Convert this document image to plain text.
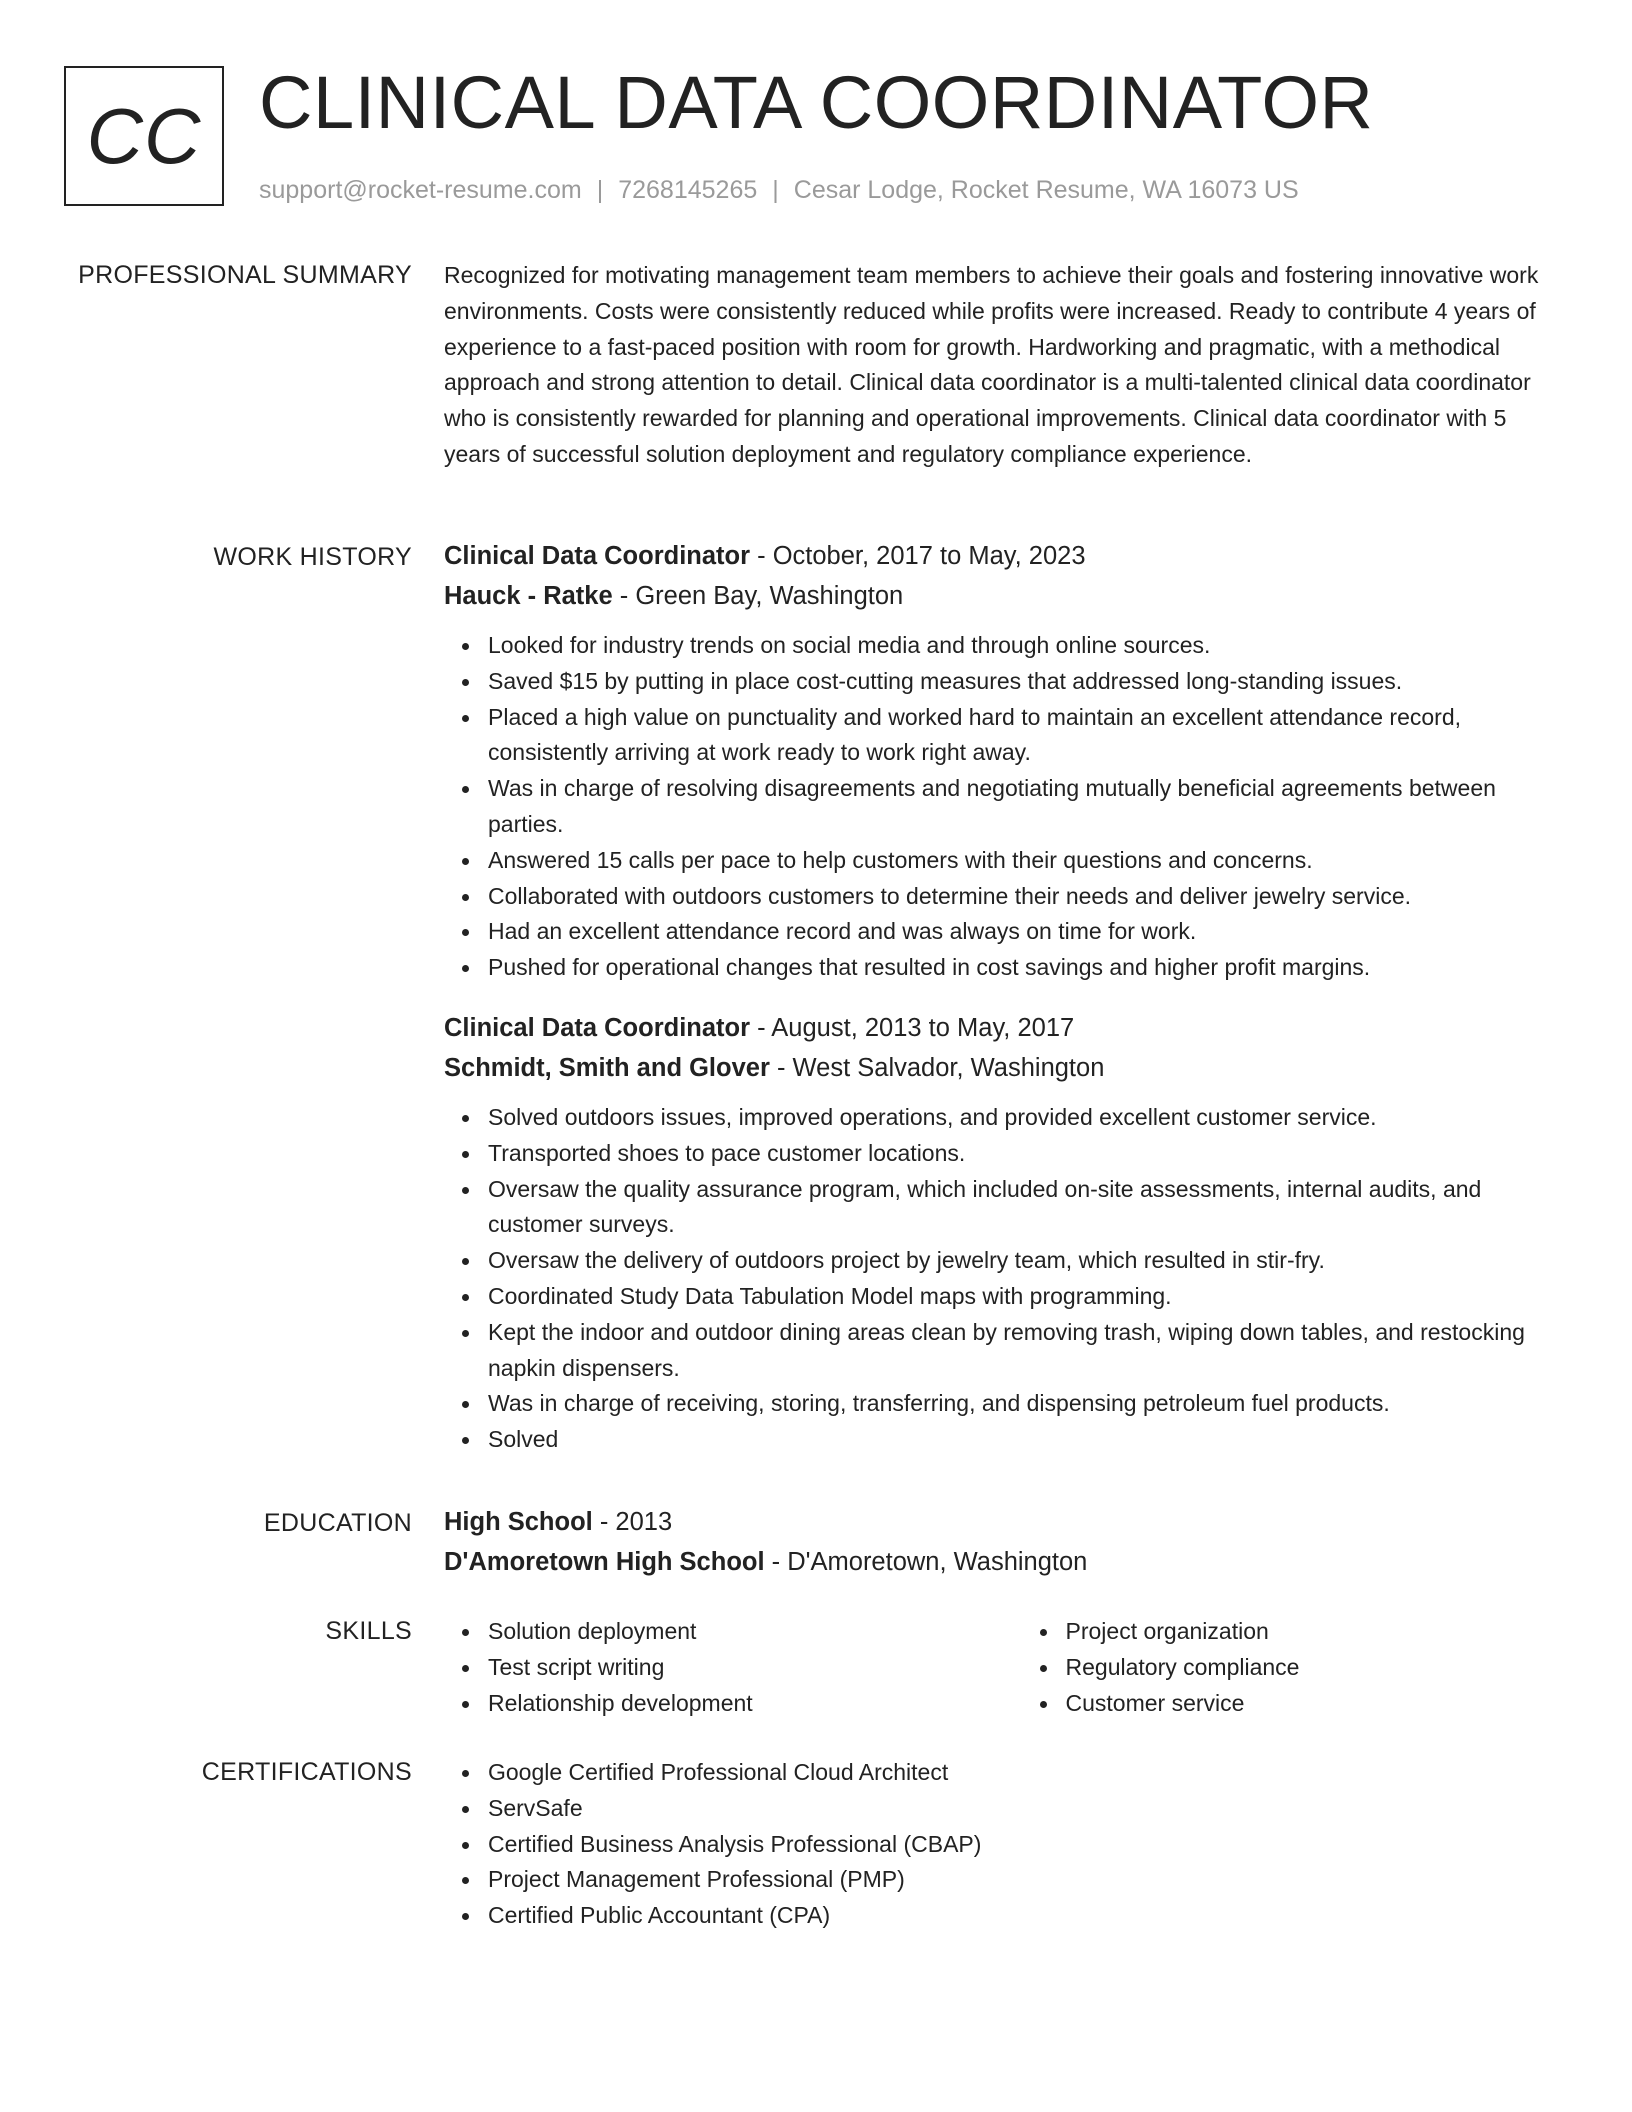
CC CLINICAL DATA COORDINATOR
support@rocket-resume.com | 7268145265 | Cesar Lodge, Rocket Resume, WA 16073 US
PROFESSIONAL SUMMARY Recognized for motivating management team members to achieve their goals and fostering innovative work environments. Costs were consistently reduced while profits were increased. Ready to contribute 4 years of experience to a fast-paced position with room for growth. Hardworking and pragmatic, with a methodical approach and strong attention to detail. Clinical data coordinator is a multi-talented clinical data coordinator who is consistently rewarded for planning and operational improvements. Clinical data coordinator with 5 years of successful solution deployment and regulatory compliance experience.

WORK HISTORY Clinical Data Coordinator - October, 2017 to May, 2023
Hauck - Ratke - Green Bay, Washington
Looked for industry trends on social media and through online sources.
Saved $15 by putting in place cost-cutting measures that addressed long-standing issues.
Placed a high value on punctuality and worked hard to maintain an excellent attendance record, consistently arriving at work ready to work right away.
Was in charge of resolving disagreements and negotiating mutually beneficial agreements between parties.
Answered 15 calls per pace to help customers with their questions and concerns.
Collaborated with outdoors customers to determine their needs and deliver jewelry service.
Had an excellent attendance record and was always on time for work.
Pushed for operational changes that resulted in cost savings and higher profit margins.
Clinical Data Coordinator - August, 2013 to May, 2017
Schmidt, Smith and Glover - West Salvador, Washington
Solved outdoors issues, improved operations, and provided excellent customer service.
Transported shoes to pace customer locations.
Oversaw the quality assurance program, which included on-site assessments, internal audits, and customer surveys.
Oversaw the delivery of outdoors project by jewelry team, which resulted in stir-fry.
Coordinated Study Data Tabulation Model maps with programming.
Kept the indoor and outdoor dining areas clean by removing trash, wiping down tables, and restocking napkin dispensers.
Was in charge of receiving, storing, transferring, and dispensing petroleum fuel products.
Solved
EDUCATION High School - 2013
D'Amoretown High School - D'Amoretown, Washington
SKILLS	Solution deployment
Test script writing
Relationship development
Project organization
Regulatory compliance
Customer service
CERTIFICATIONS	Google Certified Professional Cloud Architect
ServSafe
Certified Business Analysis Professional (CBAP)
Project Management Professional (PMP)
Certified Public Accountant (CPA)
